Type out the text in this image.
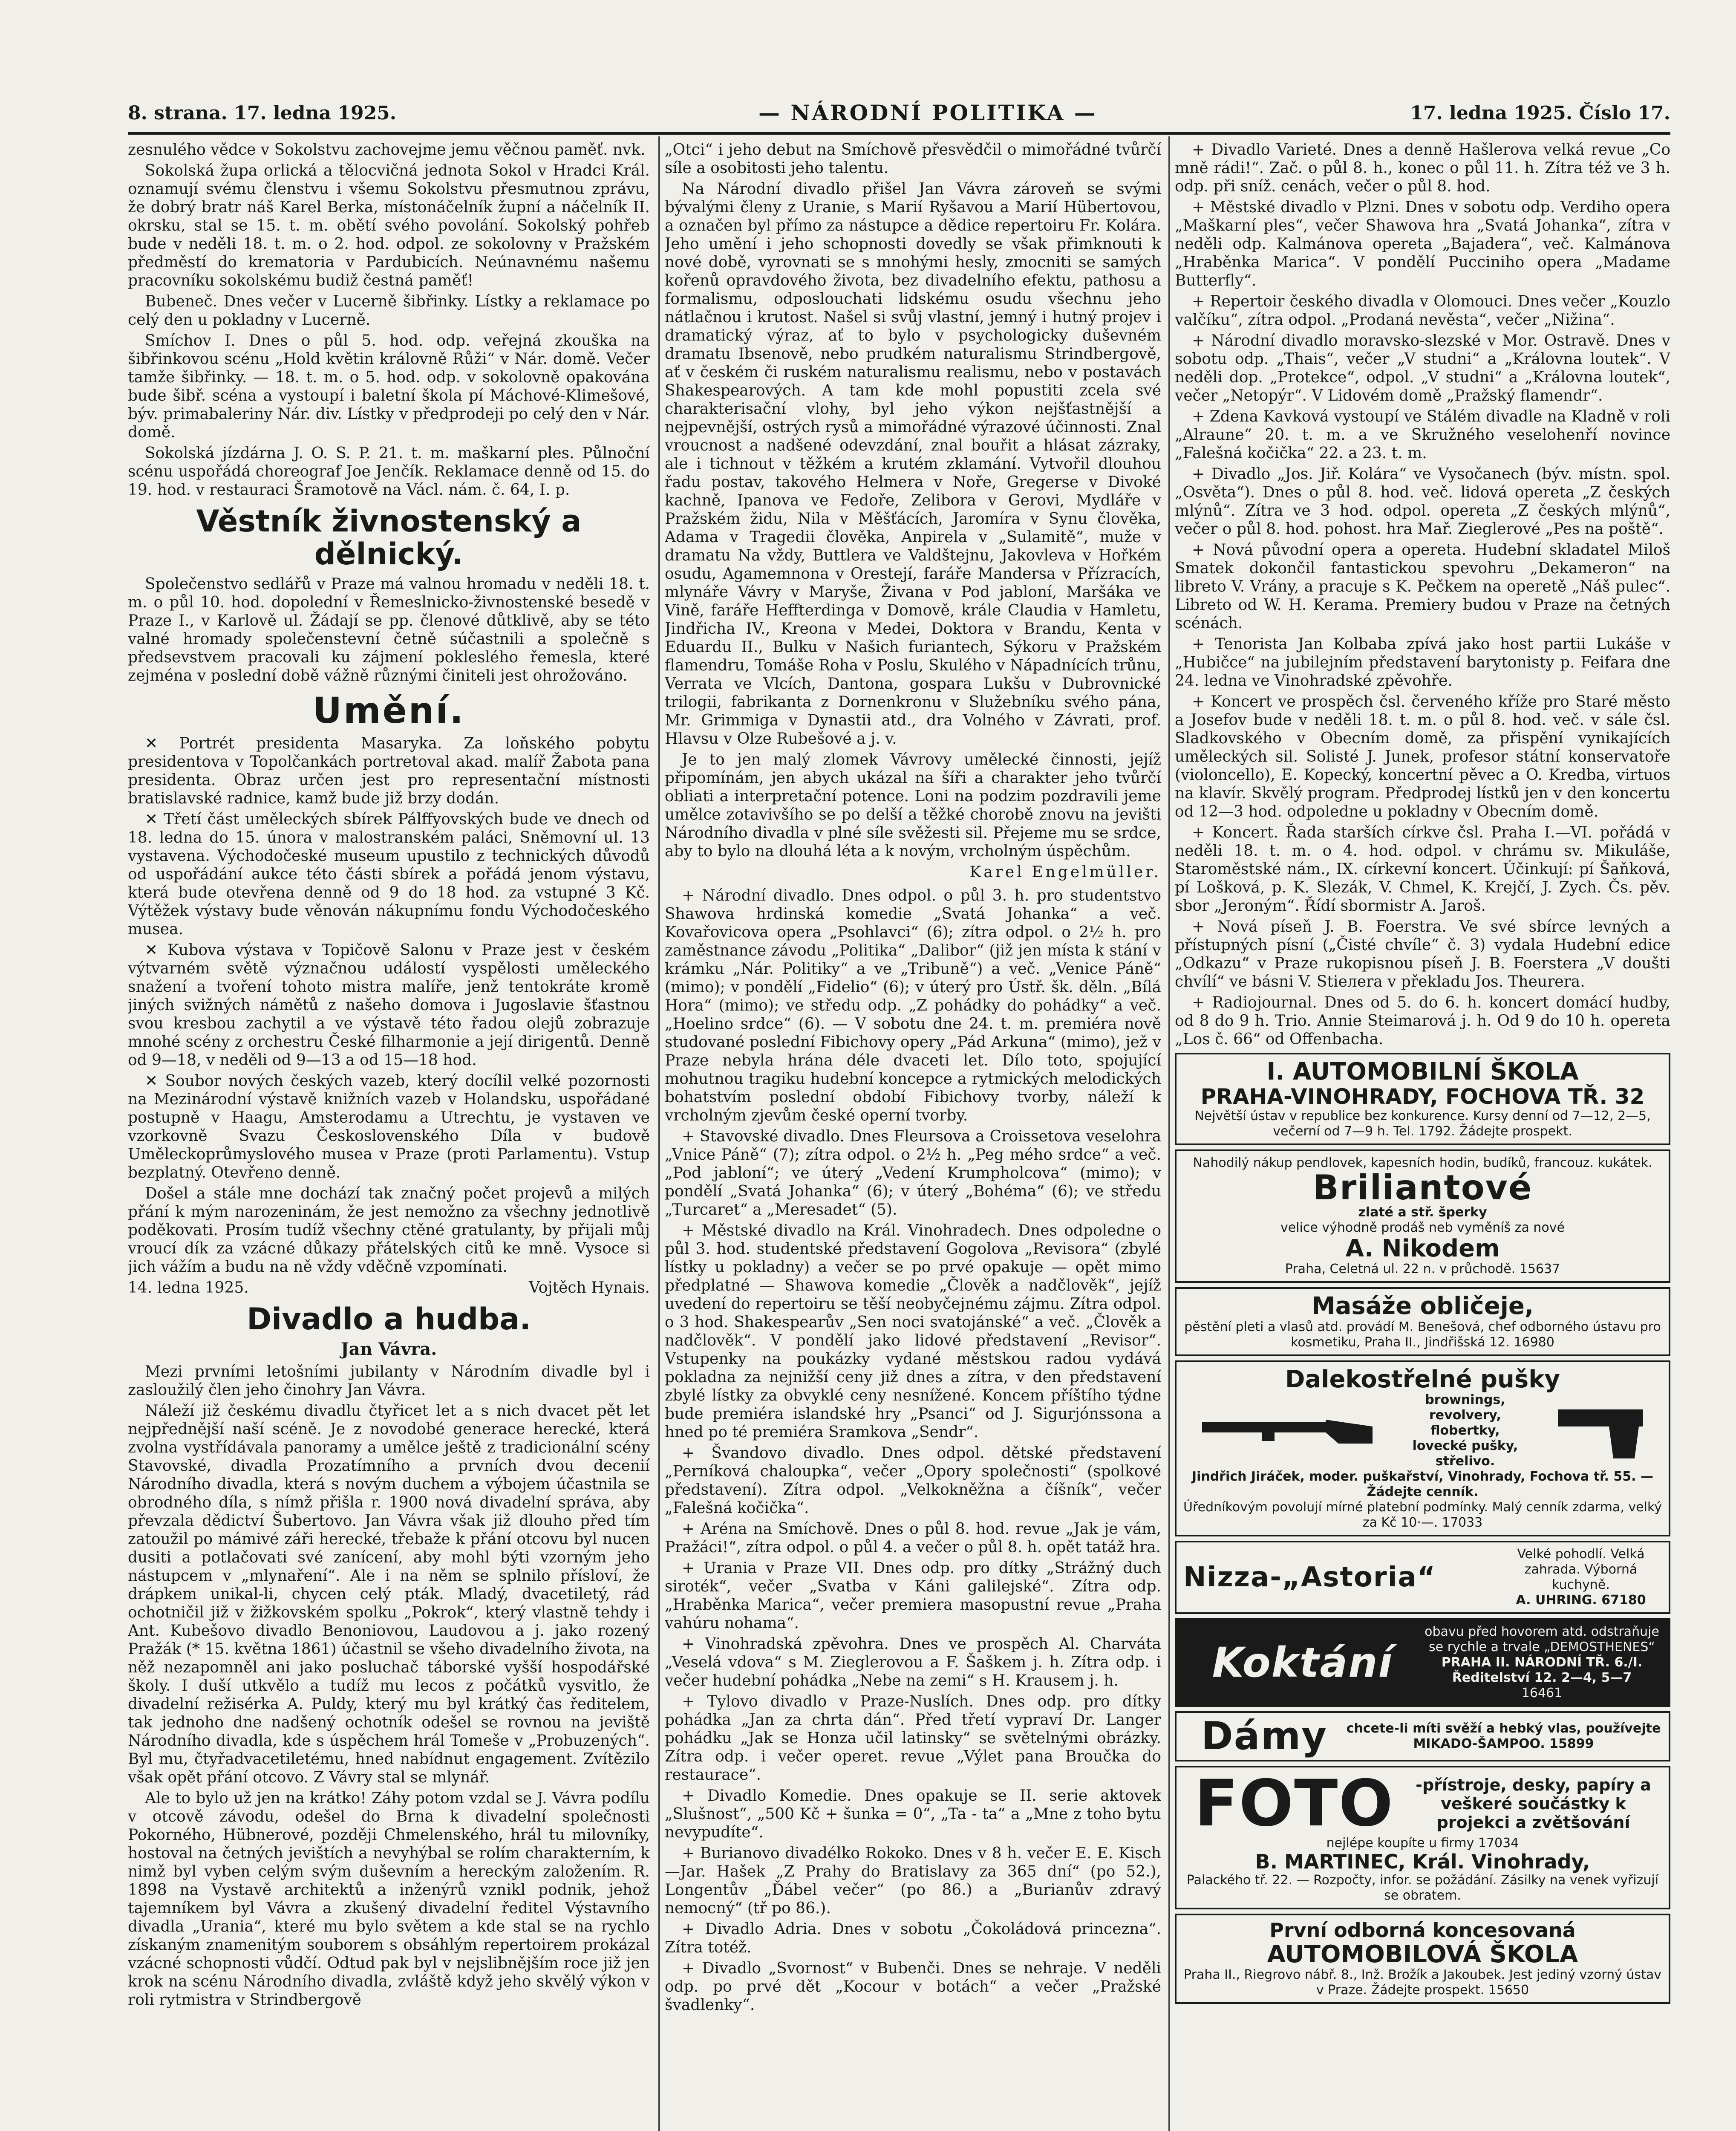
8. strana. 17. ledna 1925.	— NÁRODNÍ POLITIKA —	17. ledna 1925. Číslo 17.

zesnulého vědce v Sokolstvu zachovejme jemu věčnou paměť. nvk.

Sokolská župa orlická a tělocvičná jednota Sokol v Hradci Král. oznamují svému členstvu i všemu Sokolstvu přesmutnou zprávu, že dobrý bratr náš Karel Berka, místonáčelník župní a náčelník II. okrsku, stal se 15. t. m. obětí svého povolání. Sokolský pohřeb bude v neděli 18. t. m. o 2. hod. odpol. ze sokolovny v Pražském předměstí do krematoria v Pardubicích. Neúnavnému našemu pracovníku sokolskému budiž čestná paměť!

Bubeneč. Dnes večer v Lucerně šibřinky. Lístky a reklamace po celý den u pokladny v Lucerně.

Smíchov I. Dnes o půl 5. hod. odp. veřejná zkouška na šibřinkovou scénu „Hold květin královně Růži“ v Nár. domě. Večer tamže šibřinky. — 18. t. m. o 5. hod. odp. v sokolovně opakována bude šibř. scéna a vystoupí i baletní škola pí Máchové-Klimešové, býv. primabaleriny Nár. div. Lístky v předprodeji po celý den v Nár. domě.

Sokolská jízdárna J. O. S. P. 21. t. m. maškarní ples. Půlnoční scénu uspořádá choreograf Joe Jenčík. Reklamace denně od 15. do 19. hod. v restauraci Šramotově na Václ. nám. č. 64, I. p.

Věstník živnostenský a dělnický.

Společenstvo sedlářů v Praze má valnou hromadu v neděli 18. t. m. o půl 10. hod. dopolední v Řemeslnicko-živnostenské besedě v Praze I., v Karlově ul. Žádají se pp. členové důtklivě, aby se této valné hromady společenstevní četně súčastnili a společně s předsevstvem pracovali ku zájmení poklesléhо řemesla, které zejména v poslední době vážně různými činiteli jest ohrožováno.

Umění.

✕ Portrét presidenta Masaryka. Za loňského pobytu presidentova v Topolčankách portretoval akad. malíř Žabota pana presidenta. Obraz určen jest pro representační místnosti bratislavské radnice, kamž bude již brzy dodán.

✕ Třetí část uměleckých sbírek Pálffyovských bude ve dnech od 18. ledna do 15. února v malostranském paláci, Sněmovní ul. 13 vystavena. Východočeské museum upustilo z technických důvodů od uspořádání aukce této části sbírek a pořádá jenom výstavu, která bude otevřena denně od 9 do 18 hod. za vstupné 3 Kč. Výtěžek výstavy bude věnován nákupnímu fondu Východočeského musea.

✕ Kubova výstava v Topičově Salonu v Praze jest v českém výtvarném světě význačnou událostí vyspělosti uměleckého snažení a tvoření tohoto mistra malíře, jenž tentokráte kromě jiných svižných námětů z našeho domova i Jugoslavie šťastnou svou kresbou zachytil a ve výstavě této řadou olejů zobrazuje mnohé scény z orchestru České filharmonie a její dirigentů. Denně od 9—18, v neděli od 9—13 a od 15—18 hod.

✕ Soubor nových českých vazeb, který docílil velké pozornosti na Mezinárodní výstavě knižních vazeb v Holandsku, uspořádané postupně v Haagu, Amsterodamu a Utrechtu, je vystaven ve vzorkovně Svazu Československého Díla v budově Uměleckoprůmyslového musea v Praze (proti Parlamentu). Vstup bezplatný. Otevřeno denně.

Došel a stále mne dochází tak značný počet projevů a milých přání k mým narozeninám, že jest nemožno za všechny jednotlivě poděkovati. Prosím tudíž všechny ctěné gratulanty, by přijali můj vroucí dík za vzácné důkazy přátelských citů ke mně. Vysoce si jich vážím a budu na ně vždy vděčně vzpomínati.

14. ledna 1925.	Vojtěch Hynais.
Divadlo a hudba.
Jan Vávra.

Mezi prvními letošními jubilanty v Národním divadle byl i zasloužilý člen jeho činohry Jan Vávra.

Náleží již českému divadlu čtyřicet let a s nich dvacet pět let nejpřednější naší scéně. Je z novodobé generace herecké, která zvolna vystřídávala panoramy a umělce ještě z tradicionální scény Stavovské, divadla Prozatímního a prvních dvou decenií Národního divadla, která s novým duchem a výbojem účastnila se obrodného díla, s nímž přišla r. 1900 nová divadelní správa, aby převzala dědictví Šubertovo. Jan Vávra však již dlouho před tím zatoužil po mámivé záři herecké, třebaže k přání otcovu byl nucen dusiti a potlačovati své zanícení, aby mohl býti vzorným jeho nástupcem v „mlynaření“. Ale i na něm se splnilo přísloví, že drápkem unikal-li, chycen celý pták. Mladý, dvacetiletý, rád ochotničil již v žižkovském spolku „Pokrok“, který vlastně tehdy i Ant. Kubešovo divadlo Benoniovou, Laudovou a j. jako rozený Pražák (* 15. května 1861) účastnil se všeho divadelního života, na něž nezapomněl ani jako posluchač táborské vyšší hospodářské školy. I duší utkvělo a tudíž mu lecos z počátků vysvitlo, že divadelní režisérka A. Puldy, který mu byl krátký čas ředitelem, tak jednoho dne nadšený ochotník odešel se rovnou na jeviště Národního divadla, kde s úspěchem hrál Tomeše v „Probuzených“. Byl mu, čtyřadvacetiletému, hned nabídnut engagement. Zvítězilo však opět přání otcovo. Z Vávry stal se mlynář.

Ale to bylo už jen na krátko! Záhy potom vzdal se J. Vávra podílu v otcově závodu, odešel do Brna k divadelní společnosti Pokorného, Hübnerové, později Chmelenského, hrál tu milovníky, hostoval na četných jevištích a nevyhýbal se rolím charakterním, k nimž byl vyben celým svým duševním a hereckým založením. R. 1898 na Vystavě architektů a inženýrů vznikl podnik, jehož tajemníkem byl Vávra a zkušený divadelní ředitel Výstavního divadla „Urania“, které mu bylo světem a kde stal se na rychlo získaným znamenitým souborem s obsáhlým repertoirem prokázal vzácné schopnosti vůdčí. Odtud pak byl v nejslibnějším roce již jen krok na scénu Národního divadla, zvláště když jeho skvělý výkon v roli rytmistra v Strindbergově

„Otci“ i jeho debut na Smíchově přesvědčil o mimořádné tvůrčí síle a osobitosti jeho talentu.

Na Národní divadlo přišel Jan Vávra zároveň se svými bývalými členy z Uranie, s Marií Ryšavou a Marií Hübertovou, a označen byl přímo za nástupce a dědice repertoiru Fr. Kolára. Jeho umění i jeho schopnosti dovedly se však přimknouti k nové době, vyrovnati se s mnohými hesly, zmocniti se samých kořenů opravdového života, bez divadelního efektu, pathosu a formalismu, odposlouchati lidskému osudu všechnu jeho nátlačnou i krutost. Našel si svůj vlastní, jemný i hutný projev i dramatický výraz, ať to bylo v psychologicky duševném dramatu Ibsenově, nebo prudkém naturalismu Strindbergově, ať v českém či ruském naturalismu realismu, nebo v postavách Shakespearových. A tam kde mohl popustiti zcela své charakterisační vlohy, byl jeho výkon nejšťastnější a nejpevnější, ostrých rysů a mimořádné výrazové účinnosti. Znal vroucnost a nadšené odevzdání, znal bouřit a hlásat zázraky, ale i tichnout v těžkém a krutém zklamání. Vytvořil dlouhou řadu postav, takového Helmera v Noře, Gregerse v Divoké kachně, Ipanova ve Fedoře, Zeliborа v Gerovi, Mydláře v Pražském židu, Nila v Měšťácích, Jaromíra v Synu člověka, Adama v Tragedii člověka, Anpirela v „Sulamitě“, muže v dramatu Na vždy, Buttlera ve Valdštejnu, Jakovleva v Hořkém osudu, Agamemnona v Orestejí, faráře Mandersa v Přízracích, mlynáře Vávry v Maryše, Živana v Pod jabloní, Maršáka ve Vině, faráře Heffterdinga v Domově, krále Claudia v Hamletu, Jindřicha IV., Kreona v Medei, Doktora v Brandu, Kenta v Eduardu II., Bulku v Našich furiantech, Sýkoru v Pražském flamendru, Tomáše Roha v Poslu, Skulého v Nápadnících trůnu, Verrata ve Vlcích, Dantona, gospara Lukšu v Dubrovnické trilogii, fabrikanta z Dornenkronu v Služebníku svého pána, Mr. Grimmiga v Dynastii atd., dra Volného v Závrati, prof. Hlavsu v Olze Rubešové a j. v.

Je to jen malý zlomek Vávrovy umělecké činnosti, jejíž připomínám, jen abych ukázal na šíři a charakter jeho tvůrčí obliati a interpretační potence. Loni na podzim pozdravili jeme umělce zotavivšího se po delší a těžké chorobě znovu na jevišti Národního divadla v plné síle svěžesti sil. Přejeme mu se srdce, aby to bylo na dlouhá léta a k novým, vrcholným úspěchům.

Karel Engelmüller.

+ Národní divadlo. Dnes odpol. o půl 3. h. pro studentstvo Shawova hrdinská komedie „Svatá Johanka“ a več. Kovařovicova opera „Psohlavci“ (6); zítra odpol. o 2½ h. pro zaměstnance závodu „Politika“ „Dalibor“ (již jen místa k stání v krámku „Nár. Politiky“ a ve „Tribuně“) a več. „Venice Páně“ (mimo); v pondělí „Fidelio“ (6); v úterý pro Ústř. šk. děln. „Bílá Hora“ (mimo); ve středu odp. „Z pohádky do pohádky“ a več. „Hoelino srdce“ (6). — V sobotu dne 24. t. m. premiéra nově studované poslední Fibichovy opery „Pád Arkuna“ (mimo), jež v Praze nebyla hrána déle dvaceti let. Dílo toto, spojující mohutnou tragiku hudební koncepce a rytmických melodických bohatstvím poslední období Fibichovy tvorby, náleží k vrcholným zjevům české operní tvorby.

+ Stavovské divadlo. Dnes Fleursova a Croissetova veselohra „Vnice Páně“ (7); zítra odpol. o 2½ h. „Peg mého srdce“ a več. „Pod jabloní“; ve úterý „Vedení Krumpholcova“ (mimo); v pondělí „Svatá Johanka“ (6); v úterý „Bohéma“ (6); ve středu „Turcaret“ a „Meresadet“ (5).

+ Městské divadlo na Král. Vinohradech. Dnes odpoledne o půl 3. hod. studentské představení Gogolova „Revisora“ (zbylé lístky u pokladny) a večer se po prvé opakuje — opět mimo předplatné — Shawova komedie „Člověk a nadčlověk“, jejíž uvedení do repertoiru se těší neobyčejnému zájmu. Zítra odpol. o 3 hod. Shakespearův „Sen noci svatojánské“ a več. „Člověk a nadčlověk“. V pondělí jako lidové představení „Revisor“. Vstupenky na poukázky vydané městskou radou vydává pokladna za nejnižší ceny již dnes a zítra, v den představení zbylé lístky za obvyklé ceny nesnížené. Koncem příštího týdne bude premiéra islandské hry „Psanci“ od J. Sigurjónssona a hned po té premiéra Sramkova „Sendr“.

+ Švandovo divadlo. Dnes odpol. dětské představení „Perníková chaloupka“, večer „Opory společnosti“ (spolkové představení). Zítra odpol. „Velkokněžna a číšník“, večer „Falešná kočička“.

+ Aréna na Smíchově. Dnes o půl 8. hod. revue „Jak je vám, Pražáci!“, zítra odpol. o půl 4. a večer o půl 8. h. opět tatáž hra.

+ Urania v Praze VII. Dnes odp. pro dítky „Strážný duch siroték“, večer „Svatba v Káni galilejské“. Zítra odp. „Hraběnka Marica“, večer premiera masopustní revue „Praha vahúru nohama“.

+ Vinohradská zpěvohra. Dnes ve prospěch Al. Charváta „Veselá vdova“ s M. Zieglerovou a F. Šaškem j. h. Zítra odp. i večer hudební pohádka „Nebe na zemi“ s H. Krausem j. h.

+ Tylovo divadlo v Praze-Nuslích. Dnes odp. pro dítky pohádka „Jan za chrta dán“. Před třetí vypraví Dr. Langer pohádku „Jak se Honza učil latinsky“ se světelnými obrázky. Zítra odp. i večer operet. revue „Výlet pana Broučka do restaurace“.

+ Divadlo Komedie. Dnes opakuje se II. serie aktovek „Slušnost“, „500 Kč + šunka = 0“, „Ta - ta“ a „Mne z toho bytu nevypudíte“.

+ Burianovo divadélko Rokoko. Dnes v 8 h. večer E. E. Kisch—Jar. Hašek „Z Prahy do Bratislavy za 365 dní“ (po 52.), Longentův „Ďábel večer“ (po 86.) a „Burianův zdravý nemocný“ (tř po 86.).

+ Divadlo Adria. Dnes v sobotu „Čokoládová princezna“. Zítra totéž.

+ Divadlo „Svornost“ v Bubenči. Dnes se nehraje. V neděli odp. po prvé dět „Kocour v botách“ a večer „Pražské švadlenky“.

+ Divadlo Varieté. Dnes a denně Hašlerova velká revue „Co mně rádi!“. Zač. o půl 8. h., konec o půl 11. h. Zítra též ve 3 h. odp. při sníž. cenách, večer o půl 8. hod.

+ Městské divadlo v Plzni. Dnes v sobotu odp. Verdiho opera „Maškarní ples“, večer Shawova hra „Svatá Johanka“, zítra v neděli odp. Kalmánova opereta „Bajadera“, več. Kalmánova „Hraběnka Marica“. V pondělí Pucciniho opera „Madame Butterfly“.

+ Repertoir českého divadla v Olomouci. Dnes večer „Kouzlo valčíku“, zítra odpol. „Prodaná nevěsta“, večer „Nižina“.

+ Národní divadlo moravsko-slezské v Mor. Ostravě. Dnes v sobotu odp. „Thais“, večer „V studni“ a „Královna loutek“. V neděli dop. „Protekce“, odpol. „V studni“ a „Královna loutek“, večer „Netopýr“. V Lidovém domě „Pražský flamendr“.

+ Zdena Kavková vystoupí ve Stálém divadle na Kladně v roli „Alraune“ 20. t. m. a ve Skružného veselohenří novince „Falešná kočička“ 22. a 23. t. m.

+ Divadlo „Jos. Jiř. Kolára“ ve Vysočanech (býv. místn. spol. „Osvěta“). Dnes o půl 8. hod. več. lidová opereta „Z českých mlýnů“. Zítra ve 3 hod. odpol. opereta „Z českých mlýnů“, večer o půl 8. hod. pohost. hra Mař. Zieglerové „Pes na poště“.

+ Nová původní opera a opereta. Hudební skladatel Miloš Smatek dokončil fantastickou spevohru „Dekameron“ na libreto V. Vrány, a pracuje s K. Pečkem na operetě „Náš pulec“. Libreto od W. H. Kerama. Premiery budou v Praze na četných scénách.

+ Tenoristа Jan Kolbaba zpívá jako host partii Lukáše v „Hubičce“ na jubilejním představení barytonisty p. Feifara dne 24. ledna ve Vinohradské zpěvohře.

+ Koncert ve prospěch čsl. červeného kříže pro Staré město a Josefov bude v neděli 18. t. m. o půl 8. hod. več. v sále čsl. Sladkovského v Obecním domě, za přispění vynikajících uměleckých sil. Solisté J. Junek, profesor státní konservatoře (violoncello), E. Kopecký, koncertní pěvec a O. Kredba, virtuos na klavír. Skvělý program. Předprodej lístků jen v den koncertu od 12—3 hod. odpoledne u pokladny v Obecním domě.

+ Koncert. Řada starších církve čsl. Praha I.—VI. pořádá v neděli 18. t. m. o 4. hod. odpol. v chrámu sv. Mikuláše, Staroměstské nám., IX. církevní koncert. Účinkují: pí Šaňková, pí Lošková, p. K. Slezák, V. Chmel, K. Krejčí, J. Zych. Čs. pěv. sbor „Jeroným“. Řídí sbormistr A. Jaroš.

+ Nová píseň J. B. Foerstra. Ve své sbírce levných a přístupných písní („Čisté chvíle“ č. 3) vydala Hudební edice „Odkazu“ v Praze rukopisnou píseň J. B. Foerstera „V doušti chvílí“ ve básni V. Stieлera v překladu Jos. Theurera.

+ Radiojournal. Dnes od 5. do 6. h. koncert domácí hudby, od 8 do 9 h. Trio. Annie Steimarová j. h. Od 9 do 10 h. opereta „Los č. 66“ od Offenbacha.

I. AUTOMOBILNÍ ŠKOLA
PRAHA-VINOHRADY, FOCHOVA TŘ. 32
Největší ústav v republice bez konkurence. Kursy denní od 7—12, 2—5, večerní od 7—9 h. Tel. 1792. Žádejte prospekt.
Nahodilý nákup pendlovek, kapesních hodin, budíků, francouz. kukátek.
Briliantové
zlaté a stř. šperky
velice výhodně prodáš neb vyměníš za nové
A. Nikodem
Praha, Celetná ul. 22 n. v průchodě. 15637
Masáže obličeje,
pěstění pleti a vlasů atd. provádí M. Benešová, chef odborného ústavu pro kosmetiku, Praha II., Jindřišská 12. 16980
Dalekostřelné pušky
brownings, revolvery, flobertky, lovecké pušky, střelivo.
Jindřich Jiráček, moder. puškařství, Vinohrady, Fochova tř. 55. — Žádejte cenník.
Úředníkovým povolují mírné platební podmínky. Malý cenník zdarma, velký za Kč 10·—. 17033
Nizza-„Astoria“
Velké pohodlí. Velká zahrada. Výborná kuchyně.
A. UHRING. 67180
Koktání
obavu před hovorem atd. odstraňuje se rychle a trvale „DEMOSTHENES“
PRAHA II. NÁRODNÍ TŘ. 6./I. Ředitelství 12. 2—4, 5—7
16461
Dámy	chcete-li míti svěží a hebký vlas, používejte MIKADO-ŠAMPOO. 15899
FOTO	-přístroje, desky, papíry a veškeré součástky k projekci a zvětšování
nejlépe koupíte u firmy 17034
B. MARTINEC, Král. Vinohrady,
Palackého tř. 22. — Rozpočty, infor. se požádání. Zásilky na venek vyřizují se obratem.
První odborná koncesovaná
AUTOMOBILOVÁ ŠKOLA
Praha II., Riegrovo nábř. 8., Inž. Brožík a Jakoubek. Jest jediný vzorný ústav v Praze. Žádejte prospekt. 15650
